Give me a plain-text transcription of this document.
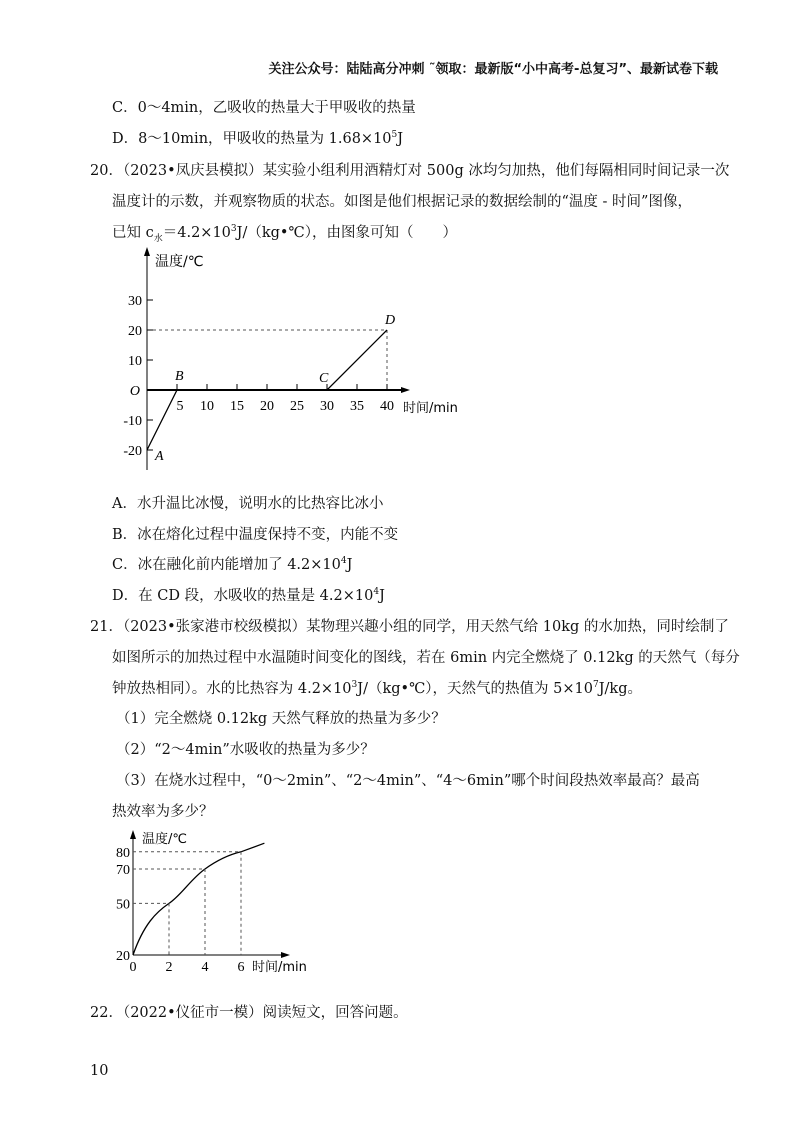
关注公众号：陆陆高分冲刺 ˜领取：最新版“小中高考-总复习”、最新试卷下载
C．0～4min，乙吸收的热量大于甲吸收的热量
D．8～10min，甲吸收的热量为 $1.68\times 10^5J$
20．（2023•凤庆县模拟）某实验小组利用酒精灯对 500g 冰均匀加热，他们每隔相同时间记录一次
温度计的示数，并观察物质的状态。如图是他们根据记录的数据绘制的“温度 - 时间”图像，
已知 $c_水=4.2\times 10^3J/(kg•℃)$，由图象可知（　　）
5 10 15 20 25 30 35 40
30
20
10
O
-10
-20 A
B	C
D
温度/℃
时间/min
0 2 4 6
80
70
50
20
温度/℃
时间/min
A．水升温比冰慢，说明水的比热容比冰小
B．冰在熔化过程中温度保持不变，内能不变
C．冰在融化前内能增加了 $4.2\times 10^4J$
D．在 CD 段，水吸收的热量是 $4.2\times 10^4J$
21．（2023•张家港市校级模拟）某物理兴趣小组的同学，用天然气给 10kg 的水加热，同时绘制了
如图所示的加热过程中水温随时间变化的图线，若在 6min 内完全燃烧了 0.12kg 的天然气（每分
钟放热相同）。水的比热容为 $4.2\times 10^3J/(kg•℃)$，天然气的热值为 $5\times 10^7J/kg$。
（1）完全燃烧 0.12kg 天然气释放的热量为多少？
（2）“2～4min”水吸收的热量为多少？
（3）在烧水过程中，“0～2min”、“2～4min”、“4～6min”哪个时间段热效率最高？最高
热效率为多少？
22．（2022•仪征市一模）阅读短文，回答问题。
10
